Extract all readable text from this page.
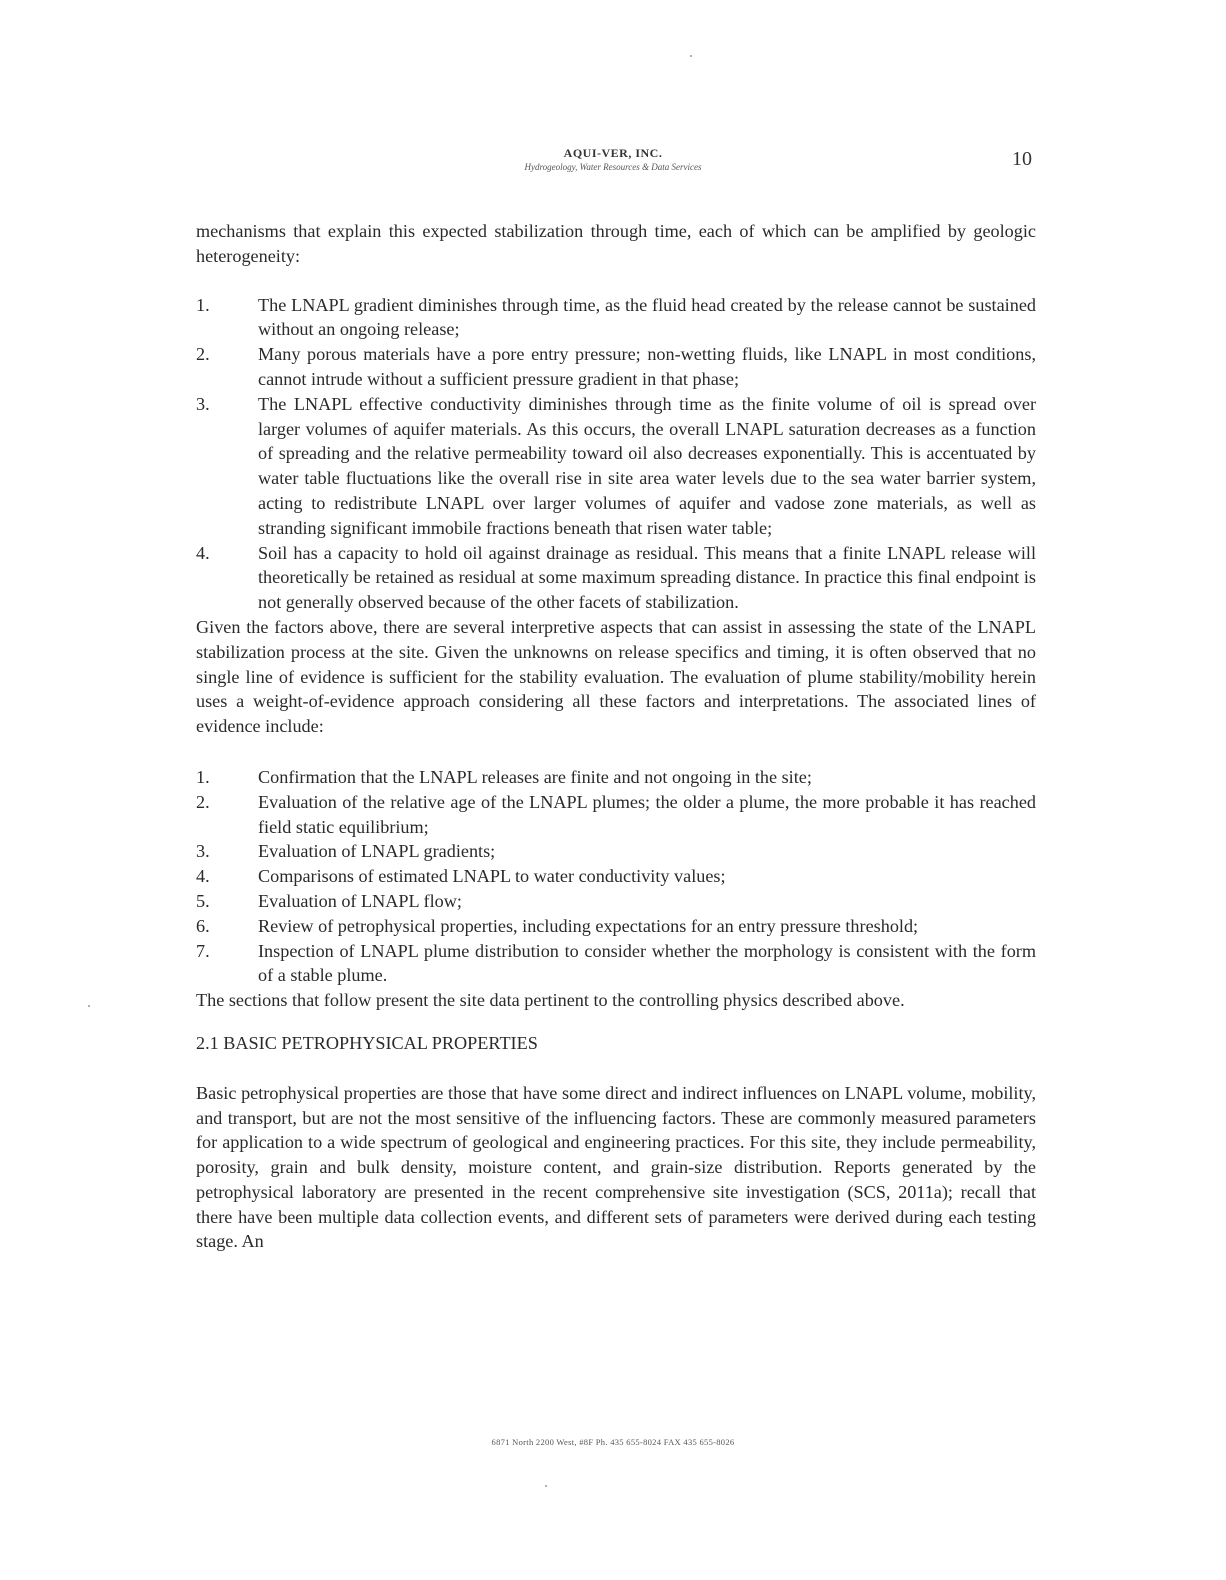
AQUI-VER, INC.
Hydrogeology, Water Resources & Data Services	10

mechanisms that explain this expected stabilization through time, each of which can be amplified by geologic heterogeneity:

1.	The LNAPL gradient diminishes through time, as the fluid head created by the release cannot be sustained without an ongoing release;
2.	Many porous materials have a pore entry pressure; non-wetting fluids, like LNAPL in most conditions, cannot intrude without a sufficient pressure gradient in that phase;
3.	The LNAPL effective conductivity diminishes through time as the finite volume of oil is spread over larger volumes of aquifer materials. As this occurs, the overall LNAPL saturation decreases as a function of spreading and the relative permeability toward oil also decreases exponentially. This is accentuated by water table fluctuations like the overall rise in site area water levels due to the sea water barrier system, acting to redistribute LNAPL over larger volumes of aquifer and vadose zone materials, as well as stranding significant immobile fractions beneath that risen water table;
4.	Soil has a capacity to hold oil against drainage as residual. This means that a finite LNAPL release will theoretically be retained as residual at some maximum spreading distance. In practice this final endpoint is not generally observed because of the other facets of stabilization.

Given the factors above, there are several interpretive aspects that can assist in assessing the state of the LNAPL stabilization process at the site. Given the unknowns on release specifics and timing, it is often observed that no single line of evidence is sufficient for the stability evaluation. The evaluation of plume stability/mobility herein uses a weight-of-evidence approach considering all these factors and interpretations. The associated lines of evidence include:

1.	Confirmation that the LNAPL releases are finite and not ongoing in the site;
2.	Evaluation of the relative age of the LNAPL plumes; the older a plume, the more probable it has reached field static equilibrium;
3.	Evaluation of LNAPL gradients;
4.	Comparisons of estimated LNAPL to water conductivity values;
5.	Evaluation of LNAPL flow;
6.	Review of petrophysical properties, including expectations for an entry pressure threshold;
7.	Inspection of LNAPL plume distribution to consider whether the morphology is consistent with the form of a stable plume.

The sections that follow present the site data pertinent to the controlling physics described above.

2.1 BASIC PETROPHYSICAL PROPERTIES

Basic petrophysical properties are those that have some direct and indirect influences on LNAPL volume, mobility, and transport, but are not the most sensitive of the influencing factors. These are commonly measured parameters for application to a wide spectrum of geological and engineering practices. For this site, they include permeability, porosity, grain and bulk density, moisture content, and grain-size distribution. Reports generated by the petrophysical laboratory are presented in the recent comprehensive site investigation (SCS, 2011a); recall that there have been multiple data collection events, and different sets of parameters were derived during each testing stage. An

6871 North 2200 West, #8F Ph. 435 655-8024 FAX 435 655-8026
